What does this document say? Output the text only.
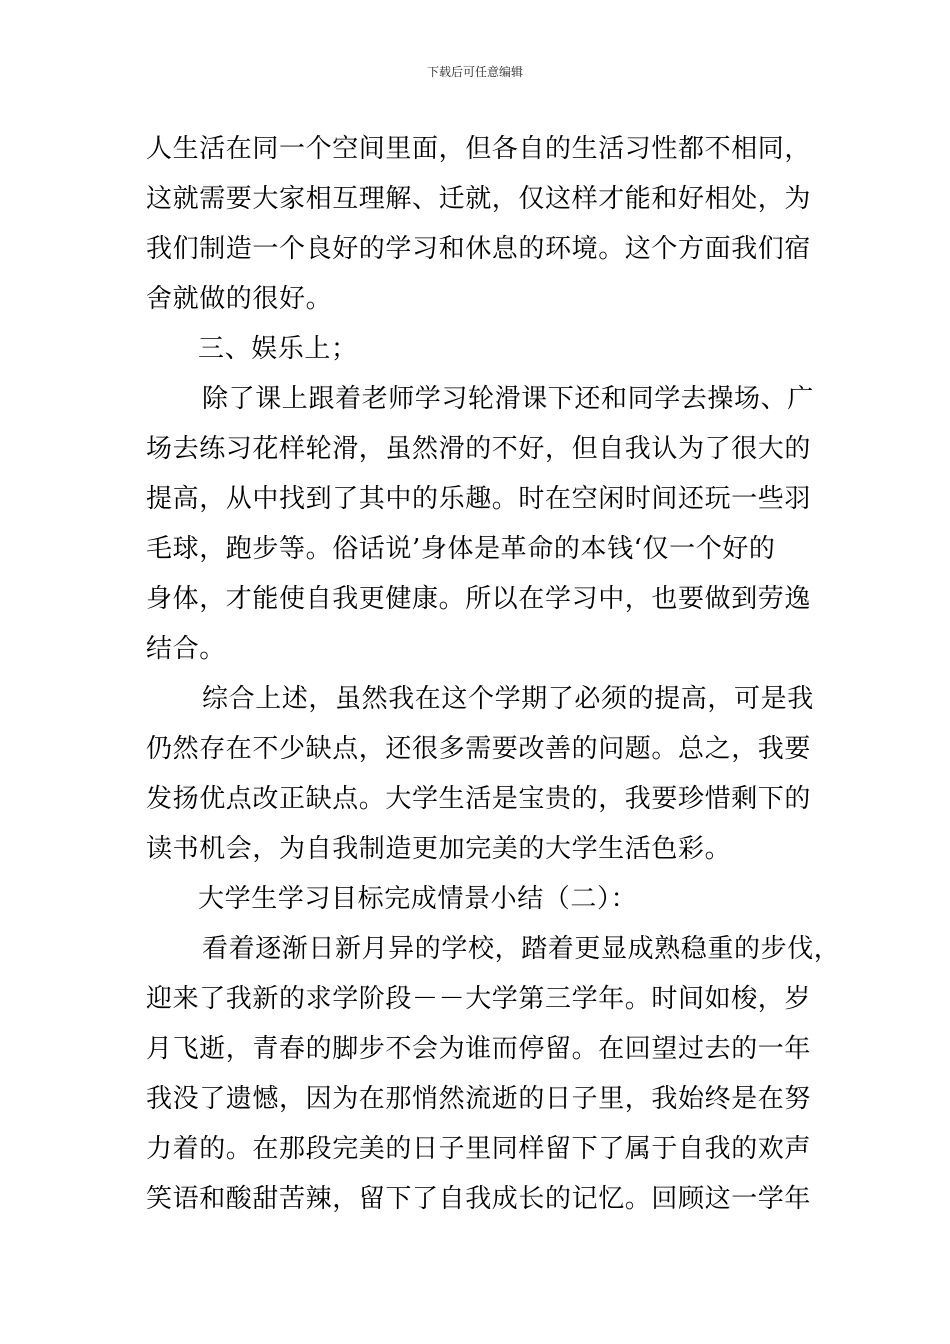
下载后可任意编辑
人生活在同一个空间里面，但各自的生活习性都不相同，
这就需要大家相互理解、迁就，仅这样才能和好相处，为
我们制造一个良好的学习和休息的环境。这个方面我们宿
舍就做的很好。
三、娱乐上；
除了课上跟着老师学习轮滑课下还和同学去操场、广
场去练习花样轮滑，虽然滑的不好，但自我认为了很大的
提高，从中找到了其中的乐趣。时在空闲时间还玩一些羽
毛球，跑步等。俗话说’身体是革命的本钱‘仅一个好的
身体，才能使自我更健康。所以在学习中，也要做到劳逸
结合。
综合上述，虽然我在这个学期了必须的提高，可是我
仍然存在不少缺点，还很多需要改善的问题。总之，我要
发扬优点改正缺点。大学生活是宝贵的，我要珍惜剩下的
读书机会，为自我制造更加完美的大学生活色彩。
大学生学习目标完成情景小结（二）：
看着逐渐日新月异的学校，踏着更显成熟稳重的步伐，
迎来了我新的求学阶段－－大学第三学年。时间如梭，岁
月飞逝，青春的脚步不会为谁而停留。在回望过去的一年
我没了遗憾，因为在那悄然流逝的日子里，我始终是在努
力着的。在那段完美的日子里同样留下了属于自我的欢声
笑语和酸甜苦辣，留下了自我成长的记忆。回顾这一学年
